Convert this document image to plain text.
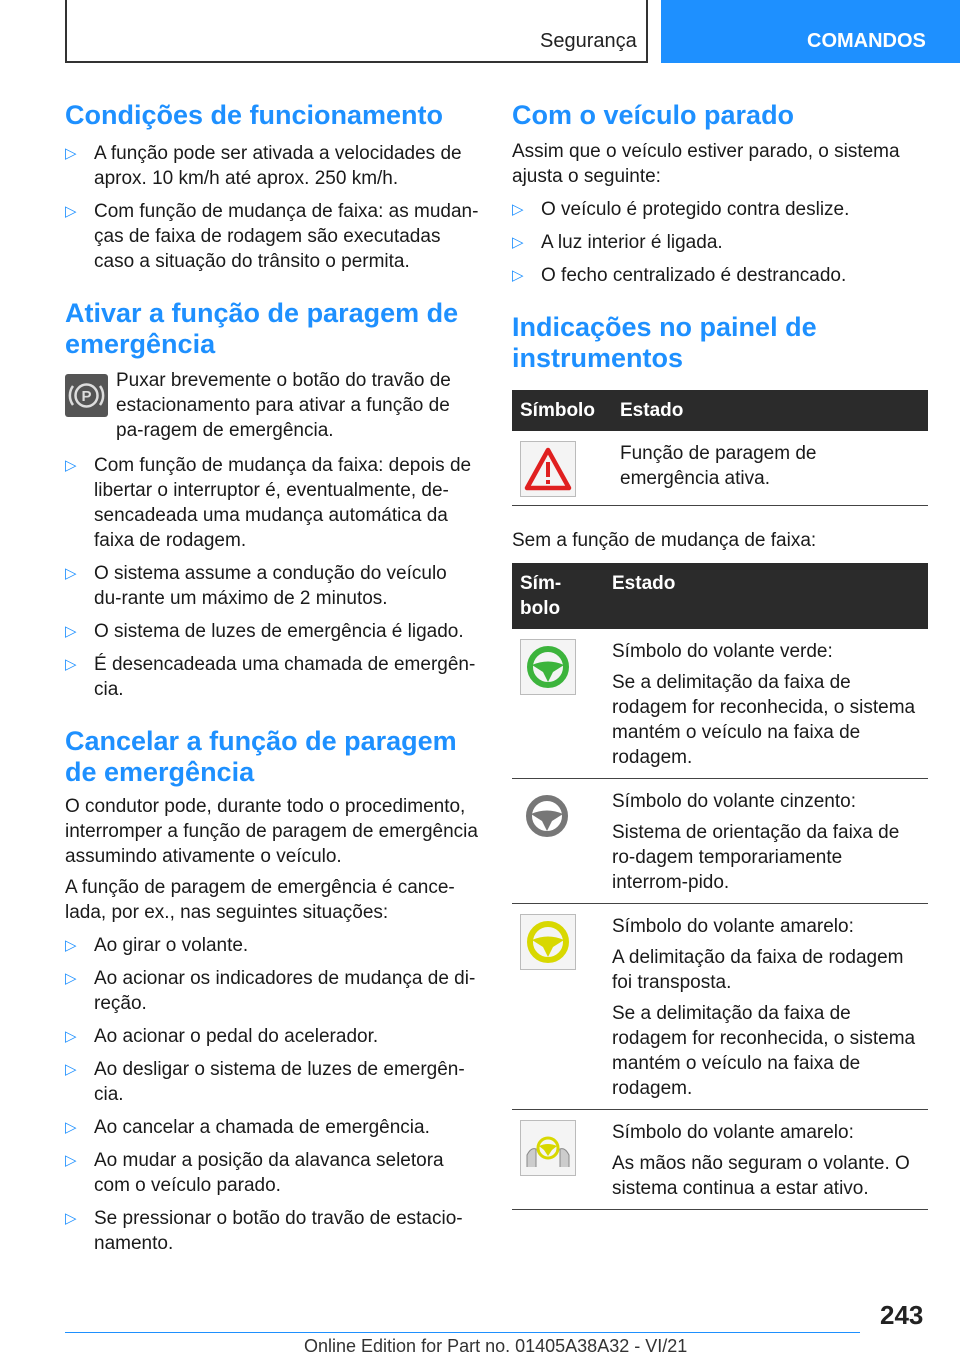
Segurança	COMANDOS
Condições de funcionamento
▷ A função pode ser ativada a velocidades de aprox. 10 km/h até aprox. 250 km/h.
▷ Com função de mudança de faixa: as mudan‐ças de faixa de rodagem são executadas caso a situação do trânsito o permita.
Ativar a função de paragem de emergência
P

Puxar brevemente o botão do travão de estacionamento para ativar a função de pa‐ragem de emergência.

▷ Com função de mudança da faixa: depois de libertar o interruptor é, eventualmente, de‐sencadeada uma mudança automática da faixa de rodagem.
▷ O sistema assume a condução do veículo du‐rante um máximo de 2 minutos.
▷ O sistema de luzes de emergência é ligado.
▷ É desencadeada uma chamada de emergên‐cia.
Cancelar a função de paragem de emergência

O condutor pode, durante todo o procedimento, interromper a função de paragem de emergência assumindo ativamente o veículo.

A função de paragem de emergência é cance‐lada, por ex., nas seguintes situações:

▷ Ao girar o volante.
▷ Ao acionar os indicadores de mudança de di‐reção.
▷ Ao acionar o pedal do acelerador.
▷ Ao desligar o sistema de luzes de emergên‐cia.
▷ Ao cancelar a chamada de emergência.
▷ Ao mudar a posição da alavanca seletora com o veículo parado.
▷ Se pressionar o botão do travão de estacio‐namento.
Com o veículo parado

Assim que o veículo estiver parado, o sistema ajusta o seguinte:

▷ O veículo é protegido contra deslize.
▷ A luz interior é ligada.
▷ O fecho centralizado é destrancado.
Indicações no painel de instrumentos
Símbolo	Estado

Função de paragem de emergência ativa.

Sem a função de mudança de faixa:

Sím‐bolo	Estado

Símbolo do volante verde:

Se a delimitação da faixa de rodagem for reconhecida, o sistema mantém o veículo na faixa de rodagem.

Símbolo do volante cinzento:

Sistema de orientação da faixa de ro‐dagem temporariamente interrom‐pido.

Símbolo do volante amarelo:

A delimitação da faixa de rodagem foi transposta.

Se a delimitação da faixa de rodagem for reconhecida, o sistema mantém o veículo na faixa de rodagem.

Símbolo do volante amarelo:

As mãos não seguram o volante. O sistema continua a estar ativo.

243
Online Edition for Part no. 01405A38A32 - VI/21
